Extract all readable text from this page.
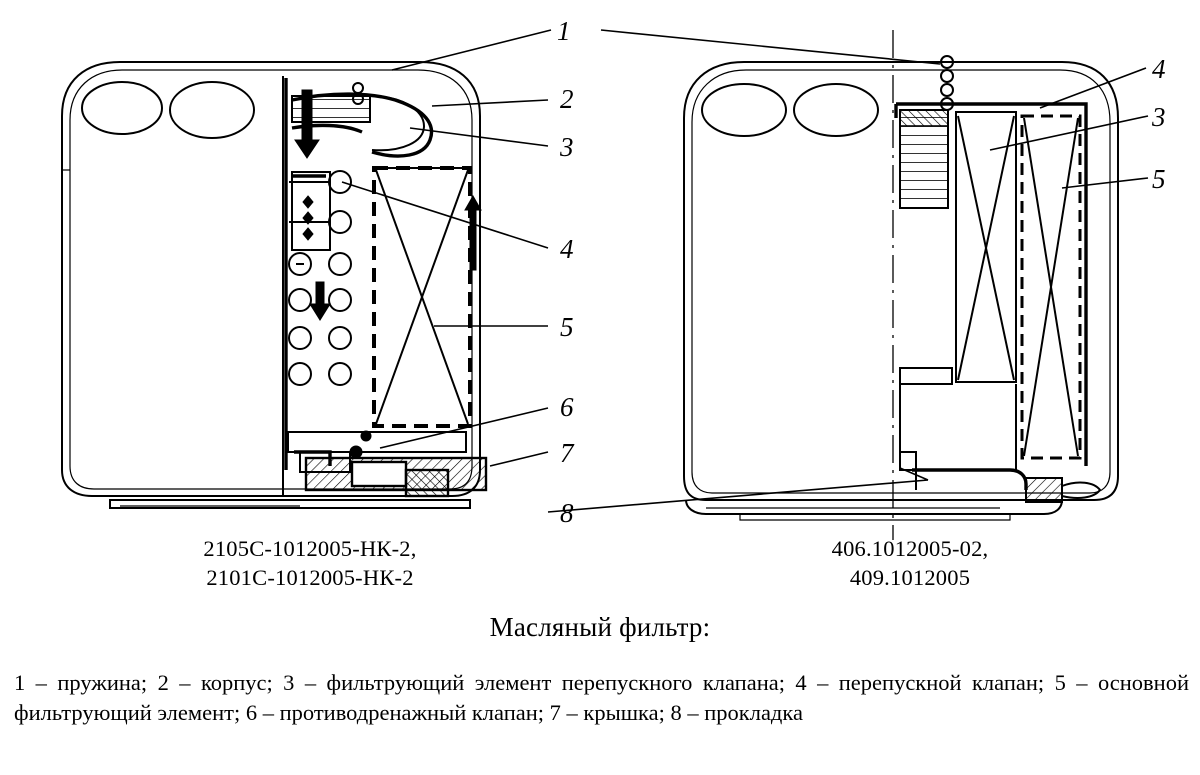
1
2
3
4
5
6
7
8
4
3
5
2105С-1012005-НК-2,
2101С-1012005-НК-2
406.1012005-02,
409.1012005
Масляный фильтр:
1 – пружина; 2 – корпус; 3 – фильтрующий элемент перепускного клапана; 4 – перепускной клапан; 5 – основной фильтрующий элемент; 6 – противодренажный клапан; 7 – крышка; 8 – прокладка
